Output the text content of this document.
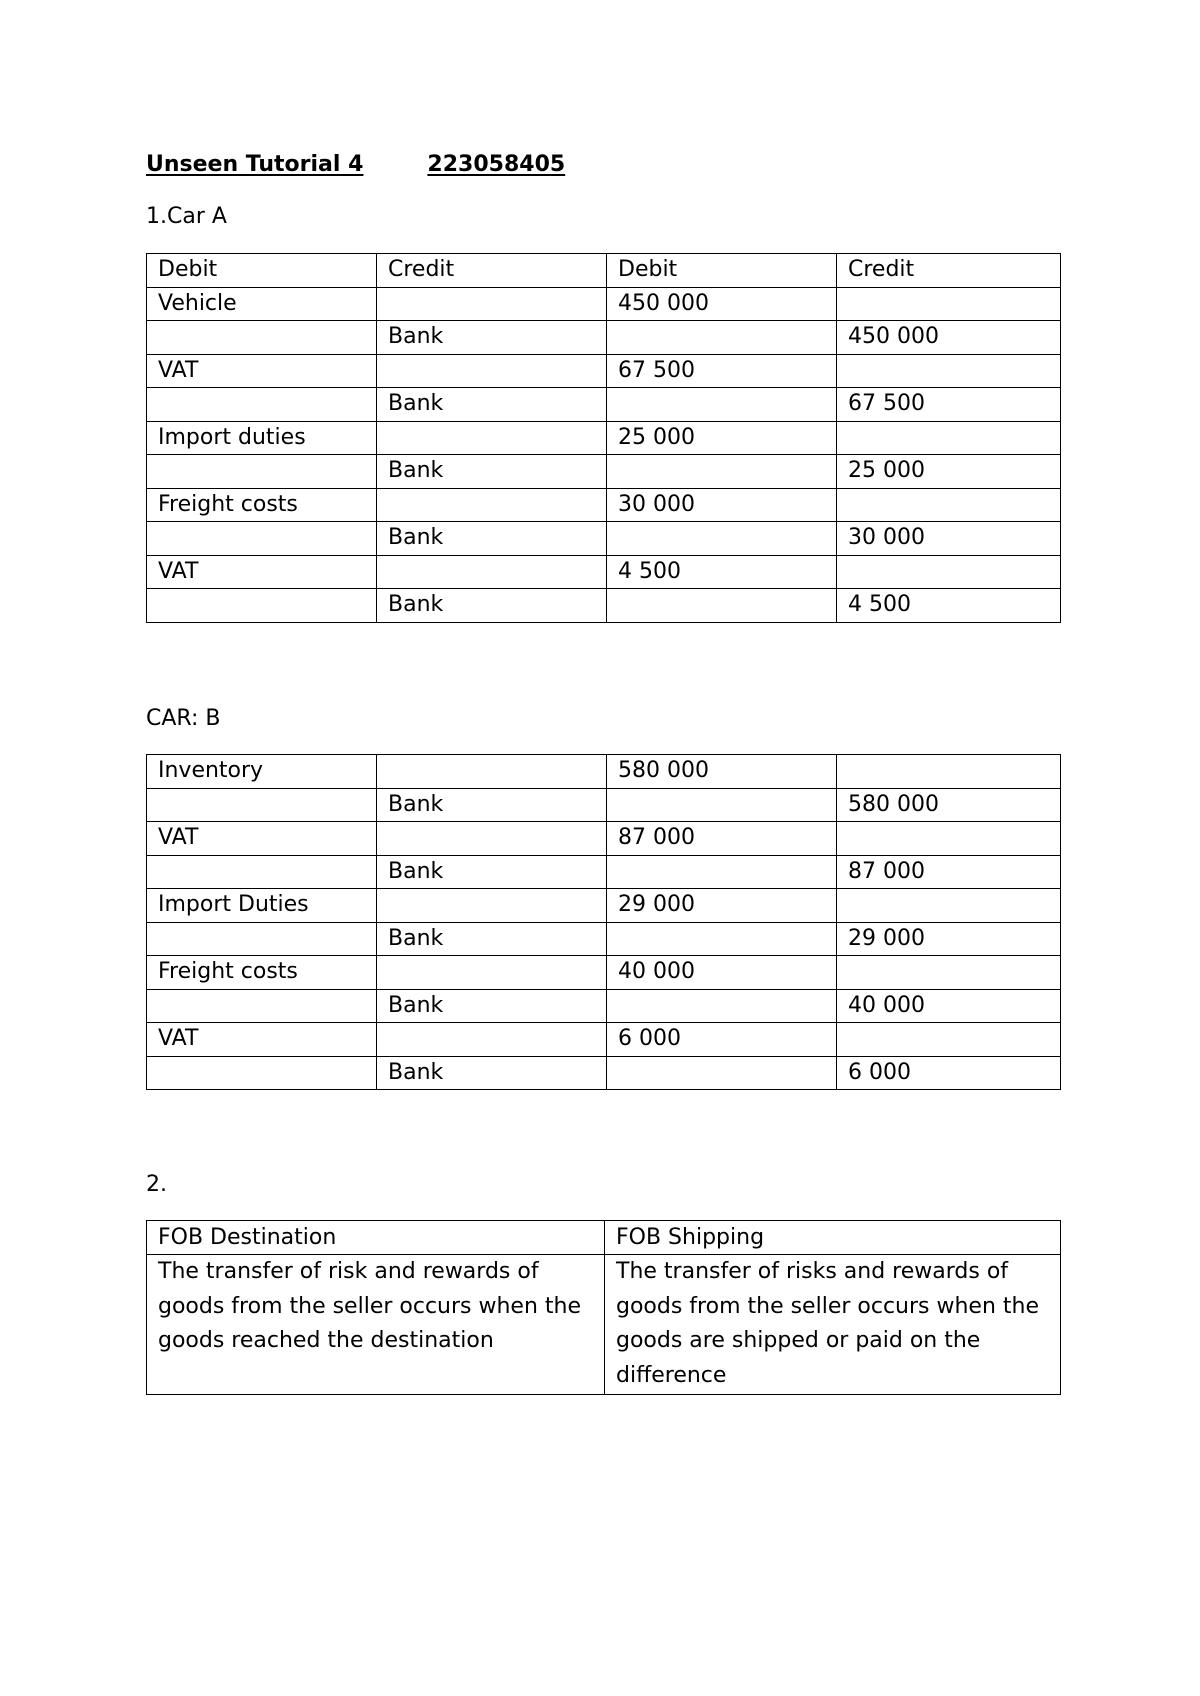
Unseen Tutorial 4	223058405
1.Car A
Debit	Credit	Debit	Credit
Vehicle		450 000	
	Bank		450 000
VAT		67 500	
	Bank		67 500
Import duties		25 000	
	Bank		25 000
Freight costs		30 000	
	Bank		30 000
VAT		4 500	
	Bank		4 500
CAR: B
Inventory		580 000	
	Bank		580 000
VAT		87 000	
	Bank		87 000
Import Duties		29 000	
	Bank		29 000
Freight costs		40 000	
	Bank		40 000
VAT		6 000	
	Bank		6 000
2.
FOB Destination	FOB Shipping
The transfer of risk and rewards of goods from the seller occurs when the goods reached the destination	The transfer of risks and rewards of goods from the seller occurs when the goods are shipped or paid on the difference
